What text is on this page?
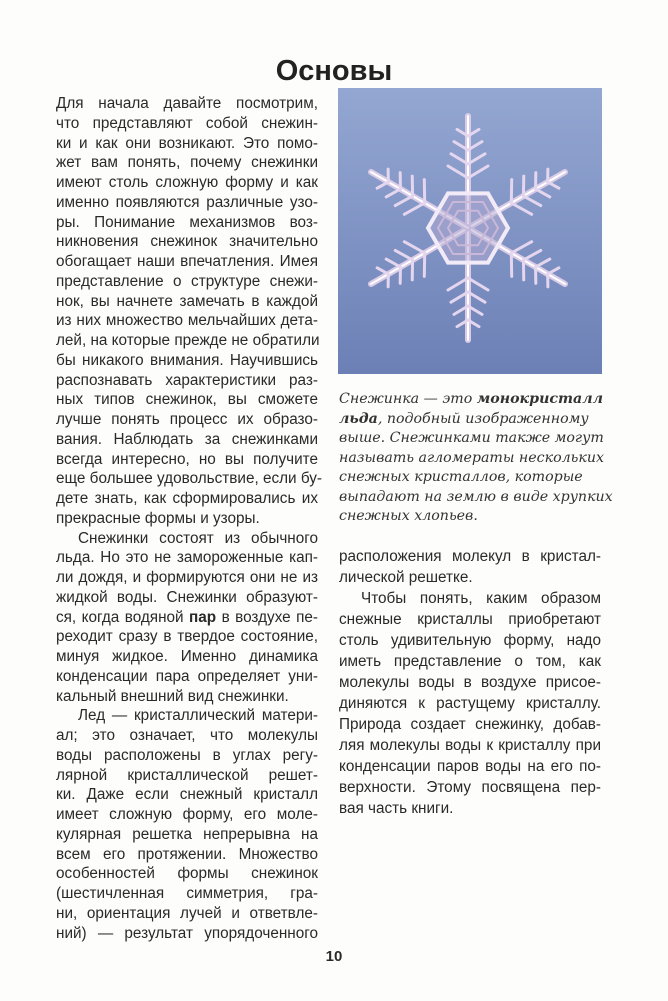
Основы
Для начала давайте посмотрим,
что представляют собой снежин-
ки и как они возникают. Это помо-
жет вам понять, почему снежинки
имеют столь сложную форму и как
именно появляются различные узо-
ры. Понимание механизмов воз-
никновения снежинок значительно
обогащает наши впечатления. Имея
представление о структуре снежи-
нок, вы начнете замечать в каждой
из них множество мельчайших дета-
лей, на которые прежде не обратили
бы никакого внимания. Научившись
распознавать характеристики раз-
ных типов снежинок, вы сможете
лучше понять процесс их образо-
вания. Наблюдать за снежинками
всегда интересно, но вы получите
еще большее удовольствие, если бу-
дете знать, как сформировались их
прекрасные формы и узоры.
Снежинки состоят из обычного
льда. Но это не замороженные кап-
ли дождя, и формируются они не из
жидкой воды. Снежинки образуют-
ся, когда водяной пар в воздухе пе-
реходит сразу в твердое состояние,
минуя жидкое. Именно динамика
конденсации пара определяет уни-
кальный внешний вид снежинки.
Лед — кристаллический матери-
ал; это означает, что молекулы
воды расположены в углах регу-
лярной кристаллической решет-
ки. Даже если снежный кристалл
имеет сложную форму, его моле-
кулярная решетка непрерывна на
всем его протяжении. Множество
особенностей формы снежинок
(шестичленная симметрия, гра-
ни, ориентация лучей и ответвле-
ний) — результат упорядоченного
Снежинка — это монокристалл
льда, подобный изображенному
выше. Снежинками также могут
называть агломераты нескольких
снежных кристаллов, которые
выпадают на землю в виде хрупких
снежных хлопьев.
расположения молекул в кристал-
лической решетке.
Чтобы понять, каким образом
снежные кристаллы приобретают
столь удивительную форму, надо
иметь представление о том, как
молекулы воды в воздухе присое-
диняются к растущему кристаллу.
Природа создает снежинку, добав-
ляя молекулы воды к кристаллу при
конденсации паров воды на его по-
верхности. Этому посвящена пер-
вая часть книги.
10
